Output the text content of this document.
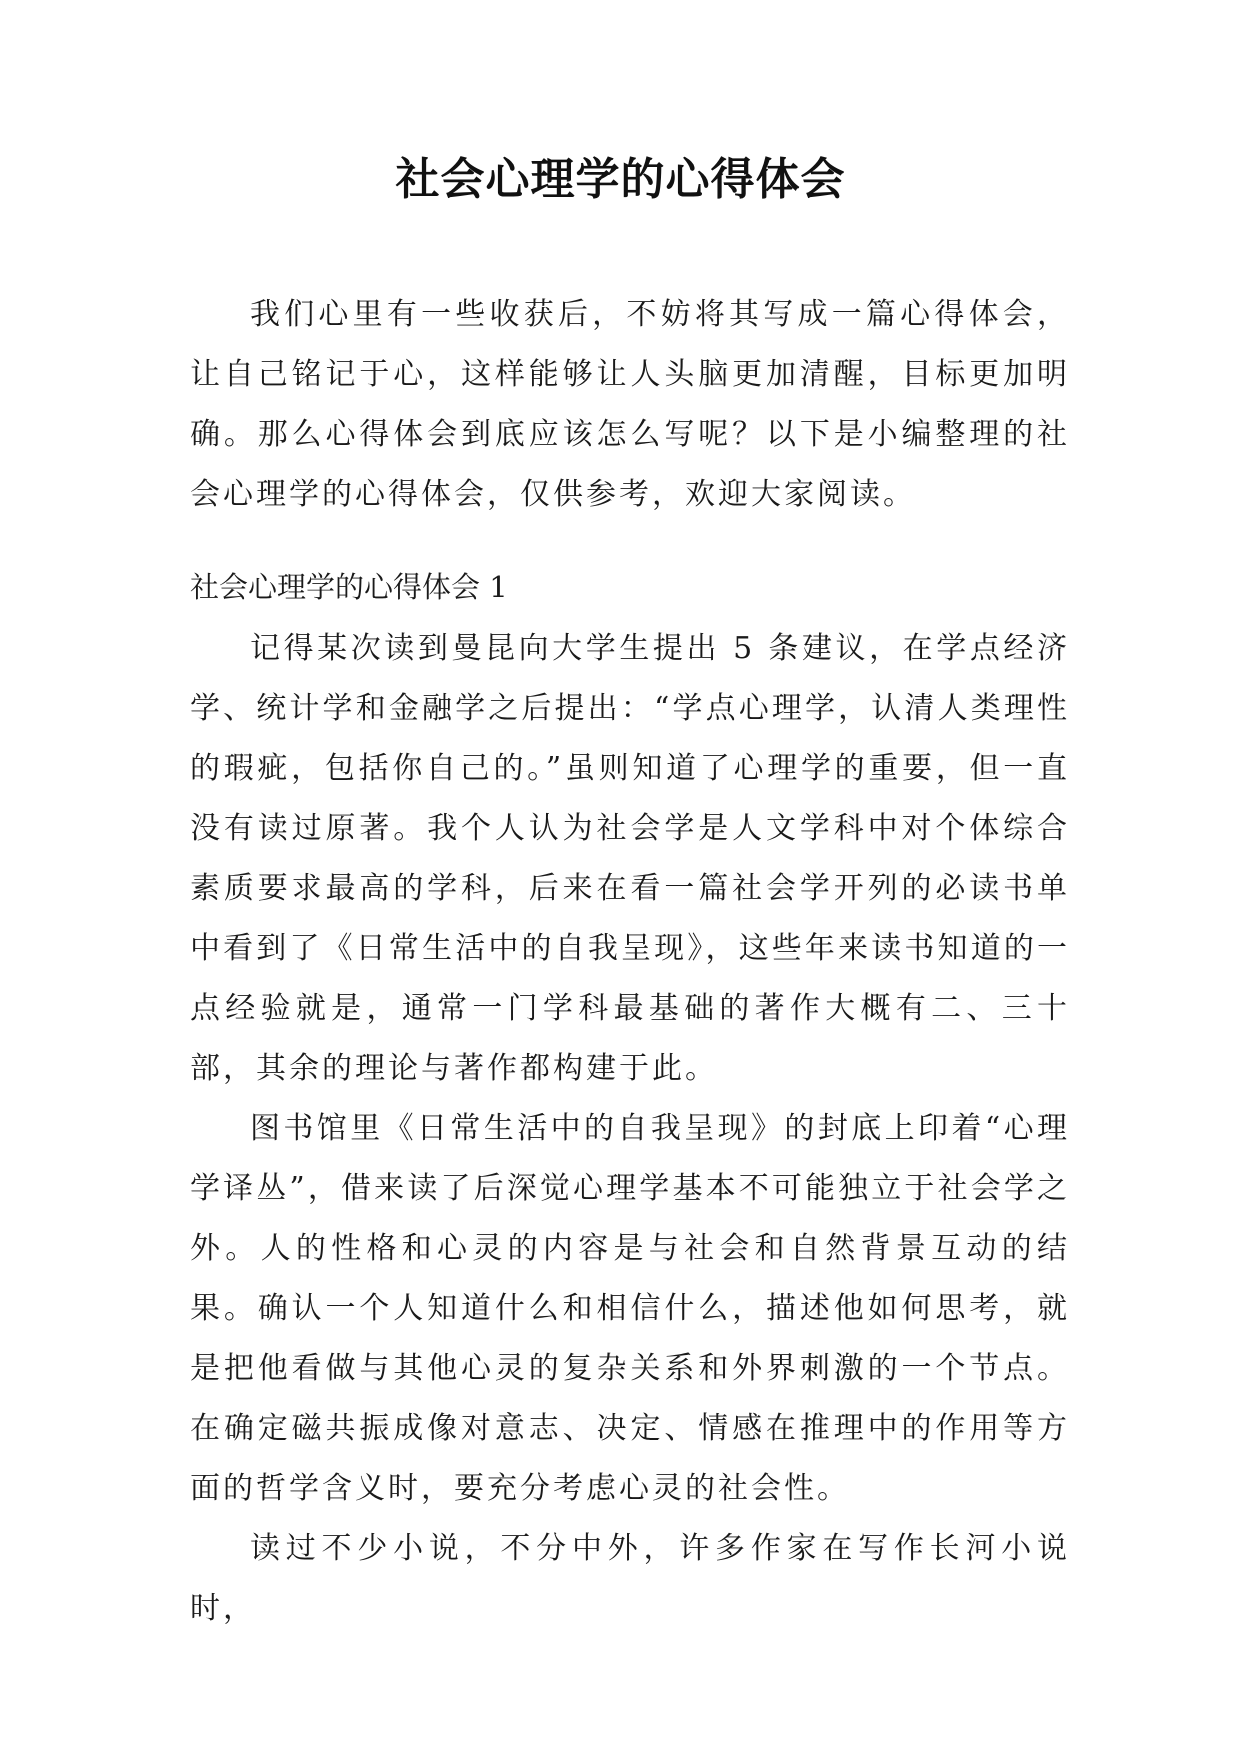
社会心理学的心得体会

我们心里有一些收获后，不妨将其写成一篇心得体会，让自己铭记于心，这样能够让人头脑更加清醒，目标更加明确。那么心得体会到底应该怎么写呢？以下是小编整理的社会心理学的心得体会，仅供参考，欢迎大家阅读。

社会心理学的心得体会 1

记得某次读到曼昆向大学生提出 5 条建议，在学点经济学、统计学和金融学之后提出：“学点心理学，认清人类理性的瑕疵，包括你自己的。”虽则知道了心理学的重要，但一直没有读过原著。我个人认为社会学是人文学科中对个体综合素质要求最高的学科，后来在看一篇社会学开列的必读书单中看到了《日常生活中的自我呈现》，这些年来读书知道的一点经验就是，通常一门学科最基础的著作大概有二、三十部，其余的理论与著作都构建于此。

图书馆里《日常生活中的自我呈现》的封底上印着“心理学译丛”，借来读了后深觉心理学基本不可能独立于社会学之外。人的性格和心灵的内容是与社会和自然背景互动的结果。确认一个人知道什么和相信什么，描述他如何思考，就是把他看做与其他心灵的复杂关系和外界刺激的一个节点。在确定磁共振成像对意志、决定、情感在推理中的作用等方面的哲学含义时，要充分考虑心灵的社会性。

读过不少小说，不分中外，许多作家在写作长河小说时，
